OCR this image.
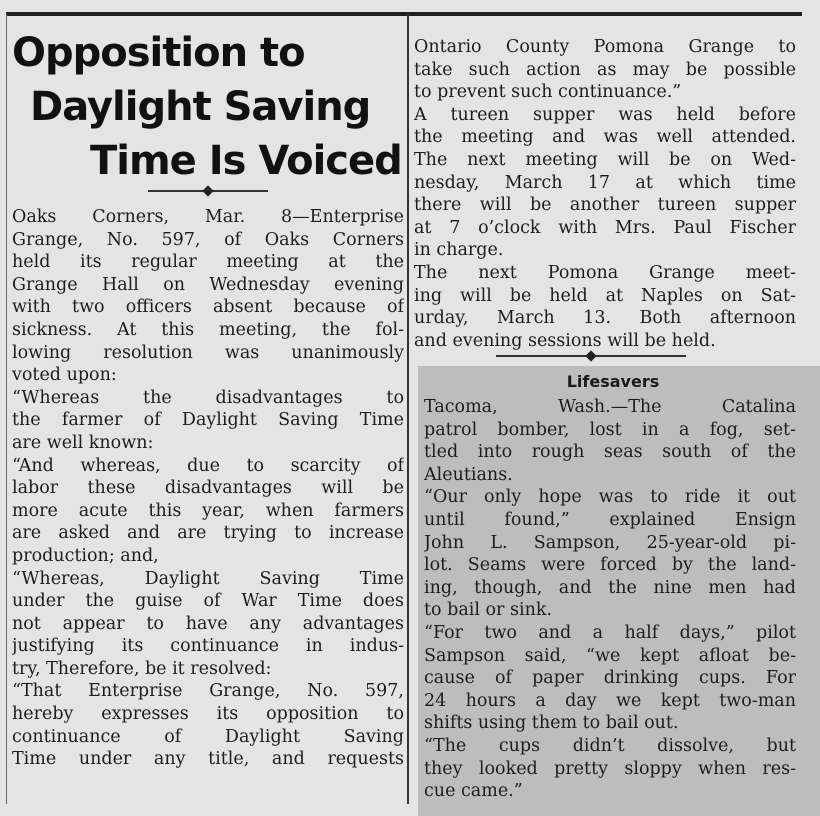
Opposition to
Daylight Saving
Time Is Voiced
Oaks Corners, Mar. 8—Enterprise
Grange, No. 597, of Oaks Corners
held its regular meeting at the
Grange Hall on Wednesday evening
with two officers absent because of
sickness. At this meeting, the fol-
lowing resolution was unanimously
voted upon:
“Whereas the disadvantages to
the farmer of Daylight Saving Time
are well known:
“And whereas, due to scarcity of
labor these disadvantages will be
more acute this year, when farmers
are asked and are trying to increase
production; and,
“Whereas, Daylight Saving Time
under the guise of War Time does
not appear to have any advantages
justifying its continuance in indus-
try, Therefore, be it resolved:
“That Enterprise Grange, No. 597,
hereby expresses its opposition to
continuance of Daylight Saving
Time under any title, and requests
Ontario County Pomona Grange to
take such action as may be possible
to prevent such continuance.”
A tureen supper was held before
the meeting and was well attended.
The next meeting will be on Wed-
nesday, March 17 at which time
there will be another tureen supper
at 7 o’clock with Mrs. Paul Fischer
in charge.
The next Pomona Grange meet-
ing will be held at Naples on Sat-
urday, March 13. Both afternoon
and evening sessions will be held.
Lifesavers
Tacoma, Wash.—The Catalina
patrol bomber, lost in a fog, set-
tled into rough seas south of the
Aleutians.
“Our only hope was to ride it out
until found,” explained Ensign
John L. Sampson, 25-year-old pi-
lot. Seams were forced by the land-
ing, though, and the nine men had
to bail or sink.
“For two and a half days,” pilot
Sampson said, “we kept afloat be-
cause of paper drinking cups. For
24 hours a day we kept two-man
shifts using them to bail out.
“The cups didn’t dissolve, but
they looked pretty sloppy when res-
cue came.”
